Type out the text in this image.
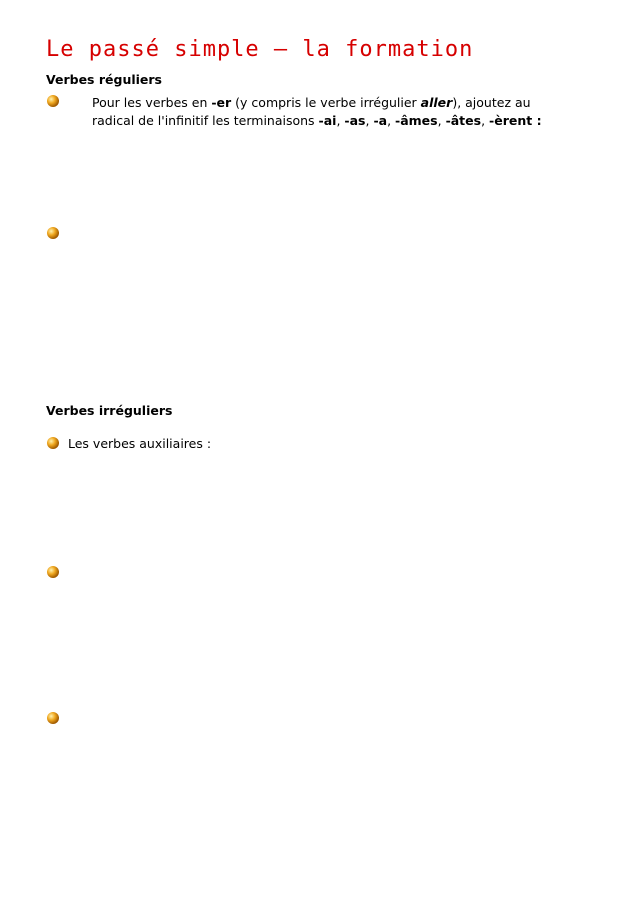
Le passé simple – la formation
Verbes réguliers
Pour les verbes en -er (y compris le verbe irrégulier aller), ajoutez au
radical de l'infinitif les terminaisons -ai, -as, -a, -âmes, -âtes, -èrent :
Verbes irréguliers
Les verbes auxiliaires :
